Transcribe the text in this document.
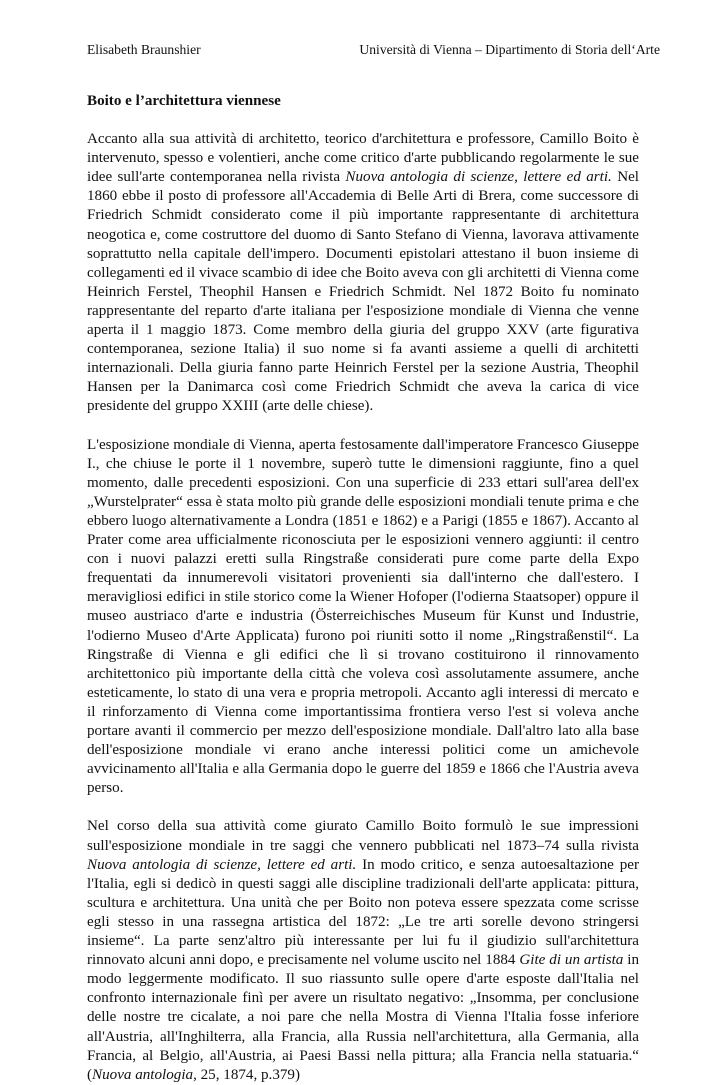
Elisabeth Braunshier	Università di Vienna – Dipartimento di Storia dell‘Arte
Boito e l’architettura viennese

Accanto alla sua attività di architetto, teorico d'architettura e professore, Camillo Boito è intervenuto, spesso e volentieri, anche come critico d'arte pubblicando regolarmente le sue idee sull'arte contemporanea nella rivista Nuova antologia di scienze, lettere ed arti. Nel 1860 ebbe il posto di professore all'Accademia di Belle Arti di Brera, come successore di Friedrich Schmidt considerato come il più importante rappresentante di architettura neogotica e, come costruttore del duomo di Santo Stefano di Vienna, lavorava attivamente soprattutto nella capitale dell'impero. Documenti epistolari attestano il buon insieme di collegamenti ed il vivace scambio di idee che Boito aveva con gli architetti di Vienna come Heinrich Ferstel, Theophil Hansen e Friedrich Schmidt. Nel 1872 Boito fu nominato rappresentante del reparto d'arte italiana per l'esposizione mondiale di Vienna che venne aperta il 1 maggio 1873. Come membro della giuria del gruppo XXV (arte figurativa contemporanea, sezione Italia) il suo nome si fa avanti assieme a quelli di architetti internazionali. Della giuria fanno parte Heinrich Ferstel per la sezione Austria, Theophil Hansen per la Danimarca così come Friedrich Schmidt che aveva la carica di vice presidente del gruppo XXIII (arte delle chiese).

L'esposizione mondiale di Vienna, aperta festosamente dall'imperatore Francesco Giuseppe I., che chiuse le porte il 1 novembre, superò tutte le dimensioni raggiunte, fino a quel momento, dalle precedenti esposizioni. Con una superficie di 233 ettari sull'area dell'ex „Wurstelprater“ essa è stata molto più grande delle esposizioni mondiali tenute prima e che ebbero luogo alternativamente a Londra (1851 e 1862) e a Parigi (1855 e 1867). Accanto al Prater come area ufficialmente riconosciuta per le esposizioni vennero aggiunti: il centro con i nuovi palazzi eretti sulla Ringstraße considerati pure come parte della Expo frequentati da innumerevoli visitatori provenienti sia dall'interno che dall'estero. I meravigliosi edifici in stile storico come la Wiener Hofoper (l'odierna Staatsoper) oppure il museo austriaco d'arte e industria (Österreichisches Museum für Kunst und Industrie, l'odierno Museo d'Arte Applicata) furono poi riuniti sotto il nome „Ringstraßenstil“. La Ringstraße di Vienna e gli edifici che lì si trovano costituirono il rinnovamento architettonico più importante della città che voleva così assolutamente assumere, anche esteticamente, lo stato di una vera e propria metropoli. Accanto agli interessi di mercato e il rinforzamento di Vienna come importantissima frontiera verso l'est si voleva anche portare avanti il commercio per mezzo dell'esposizione mondiale. Dall'altro lato alla base dell'esposizione mondiale vi erano anche interessi politici come un amichevole avvicinamento all'Italia e alla Germania dopo le guerre del 1859 e 1866 che l'Austria aveva perso.

Nel corso della sua attività come giurato Camillo Boito formulò le sue impressioni sull'esposizione mondiale in tre saggi che vennero pubblicati nel 1873–74 sulla rivista Nuova antologia di scienze, lettere ed arti. In modo critico, e senza autoesaltazione per l'Italia, egli si dedicò in questi saggi alle discipline tradizionali dell'arte applicata: pittura, scultura e architettura. Una unità che per Boito non poteva essere spezzata come scrisse egli stesso in una rassegna artistica del 1872: „Le tre arti sorelle devono stringersi insieme“. La parte senz'altro più interessante per lui fu il giudizio sull'architettura rinnovato alcuni anni dopo, e precisamente nel volume uscito nel 1884 Gite di un artista in modo leggermente modificato. Il suo riassunto sulle opere d'arte esposte dall'Italia nel confronto internazionale finì per avere un risultato negativo: „Insomma, per conclusione delle nostre tre cicalate, a noi pare che nella Mostra di Vienna l'Italia fosse inferiore all'Austria, all'Inghilterra, alla Francia, alla Russia nell'architettura, alla Germania, alla Francia, al Belgio, all'Austria, ai Paesi Bassi nella pittura; alla Francia nella statuaria.“ (Nuova antologia, 25, 1874, p.379)
